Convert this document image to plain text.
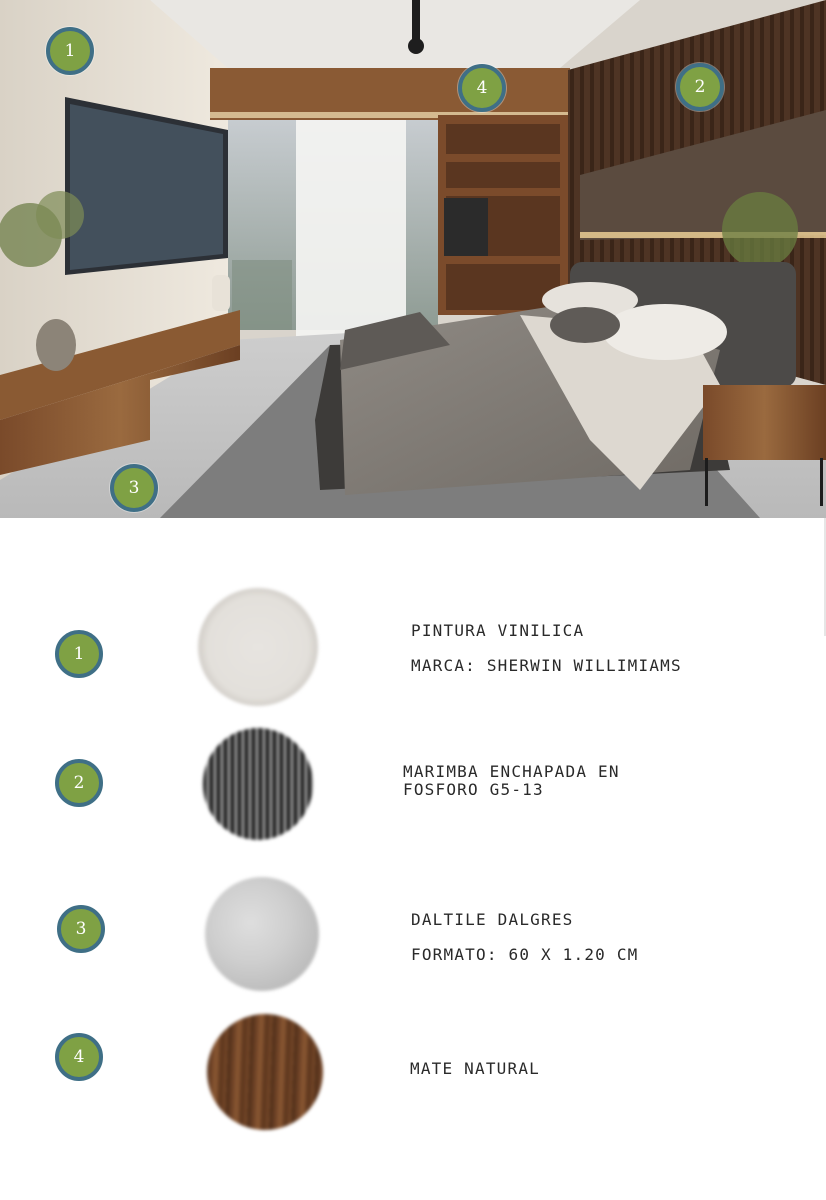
1
2
3
4
1
PINTURA VINILICA
MARCA: SHERWIN WILLIMIAMS
2
MARIMBA ENCHAPADA EN
FOSFORO G5-13
3	DALTILE DALGRES
FORMATO: 60 X 1.20 CM
4
MATE NATURAL
